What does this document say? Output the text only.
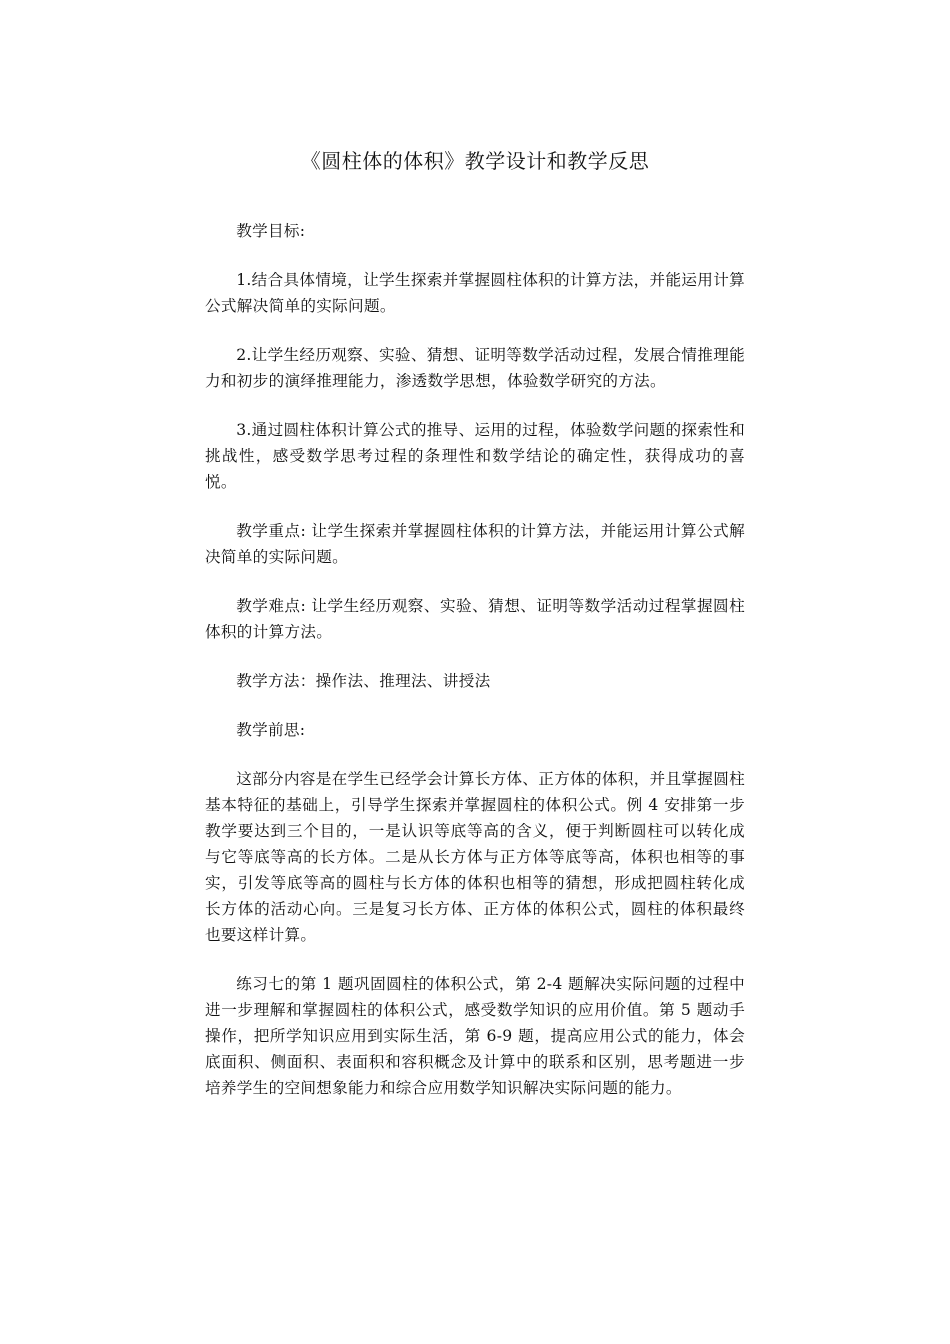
《圆柱体的体积》教学设计和教学反思

教学目标:

1.结合具体情境，让学生探索并掌握圆柱体积的计算方法，并能运用计算公式解决简单的实际问题。

2.让学生经历观察、实验、猜想、证明等数学活动过程，发展合情推理能力和初步的演绎推理能力，渗透数学思想，体验数学研究的方法。

3.通过圆柱体积计算公式的推导、运用的过程，体验数学问题的探索性和挑战性，感受数学思考过程的条理性和数学结论的确定性，获得成功的喜悦。

教学重点: 让学生探索并掌握圆柱体积的计算方法，并能运用计算公式解决简单的实际问题。

教学难点: 让学生经历观察、实验、猜想、证明等数学活动过程掌握圆柱体积的计算方法。

教学方法：操作法、推理法、讲授法

教学前思:

这部分内容是在学生已经学会计算长方体、正方体的体积，并且掌握圆柱基本特征的基础上，引导学生探索并掌握圆柱的体积公式。例 4 安排第一步教学要达到三个目的，一是认识等底等高的含义，便于判断圆柱可以转化成与它等底等高的长方体。二是从长方体与正方体等底等高，体积也相等的事实，引发等底等高的圆柱与长方体的体积也相等的猜想，形成把圆柱转化成长方体的活动心向。三是复习长方体、正方体的体积公式，圆柱的体积最终也要这样计算。

练习七的第 1 题巩固圆柱的体积公式，第 2-4 题解决实际问题的过程中进一步理解和掌握圆柱的体积公式，感受数学知识的应用价值。第 5 题动手操作，把所学知识应用到实际生活，第 6-9 题，提高应用公式的能力，体会底面积、侧面积、表面积和容积概念及计算中的联系和区别，思考题进一步培养学生的空间想象能力和综合应用数学知识解决实际问题的能力。
